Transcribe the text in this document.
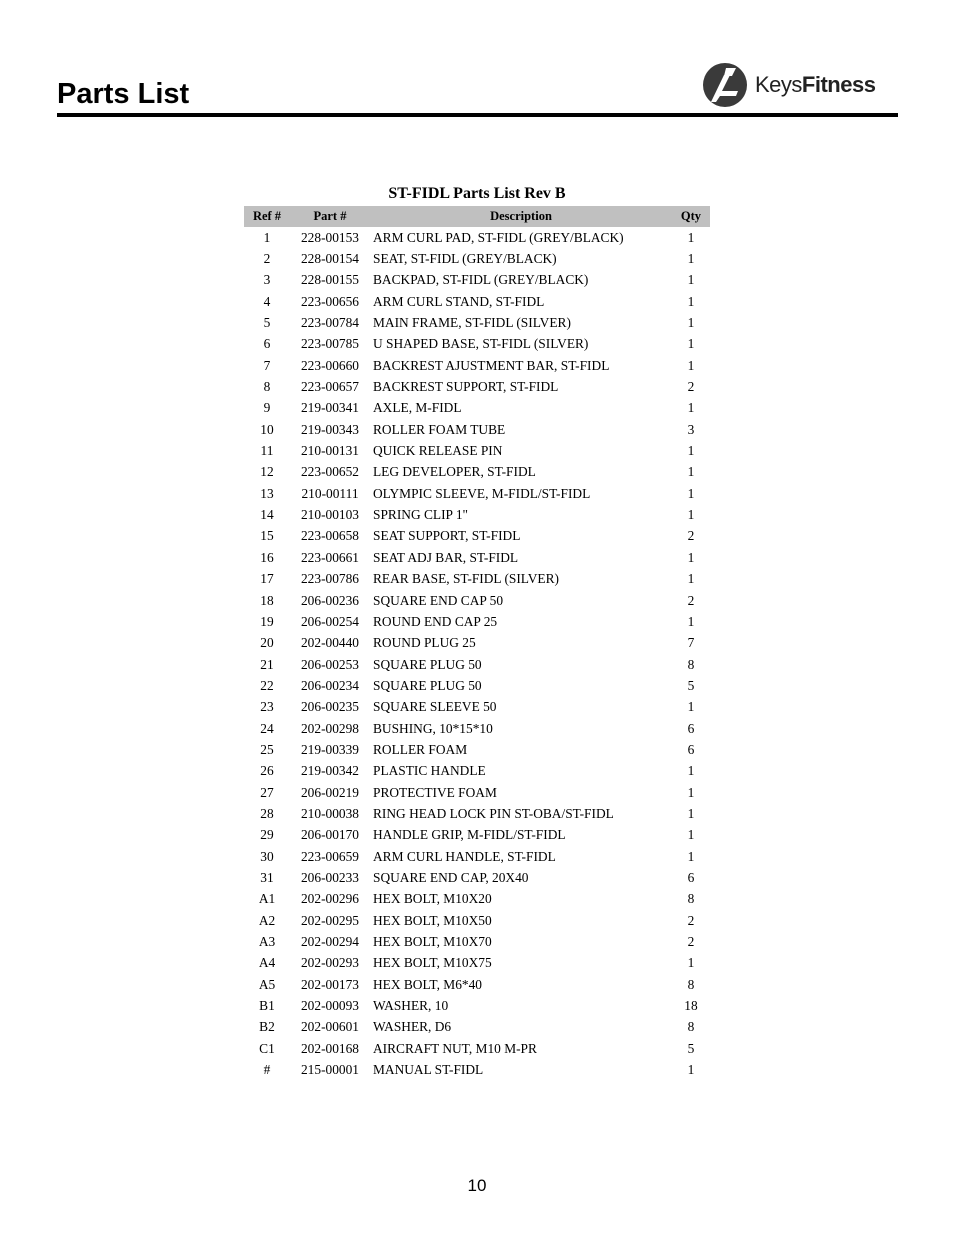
Parts List	KeysFitness
ST-FIDL Parts List Rev B
Ref #	Part #	Description	Qty
1	228-00153	ARM CURL PAD, ST-FIDL (GREY/BLACK)	1
2	228-00154	SEAT, ST-FIDL (GREY/BLACK)	1
3	228-00155	BACKPAD, ST-FIDL (GREY/BLACK)	1
4	223-00656	ARM CURL STAND, ST-FIDL	1
5	223-00784	MAIN FRAME, ST-FIDL (SILVER)	1
6	223-00785	U SHAPED BASE, ST-FIDL (SILVER)	1
7	223-00660	BACKREST AJUSTMENT BAR, ST-FIDL	1
8	223-00657	BACKREST SUPPORT, ST-FIDL	2
9	219-00341	AXLE, M-FIDL	1
10	219-00343	ROLLER FOAM TUBE	3
11	210-00131	QUICK RELEASE PIN	1
12	223-00652	LEG DEVELOPER, ST-FIDL	1
13	210-00111	OLYMPIC SLEEVE, M-FIDL/ST-FIDL	1
14	210-00103	SPRING CLIP 1"	1
15	223-00658	SEAT SUPPORT, ST-FIDL	2
16	223-00661	SEAT ADJ BAR, ST-FIDL	1
17	223-00786	REAR BASE, ST-FIDL (SILVER)	1
18	206-00236	SQUARE END CAP 50	2
19	206-00254	ROUND END CAP 25	1
20	202-00440	ROUND PLUG 25	7
21	206-00253	SQUARE PLUG 50	8
22	206-00234	SQUARE PLUG 50	5
23	206-00235	SQUARE SLEEVE 50	1
24	202-00298	BUSHING, 10*15*10	6
25	219-00339	ROLLER FOAM	6
26	219-00342	PLASTIC HANDLE	1
27	206-00219	PROTECTIVE FOAM	1
28	210-00038	RING HEAD LOCK PIN ST-OBA/ST-FIDL	1
29	206-00170	HANDLE GRIP, M-FIDL/ST-FIDL	1
30	223-00659	ARM CURL HANDLE, ST-FIDL	1
31	206-00233	SQUARE END CAP, 20X40	6
A1	202-00296	HEX BOLT, M10X20	8
A2	202-00295	HEX BOLT, M10X50	2
A3	202-00294	HEX BOLT, M10X70	2
A4	202-00293	HEX BOLT, M10X75	1
A5	202-00173	HEX BOLT, M6*40	8
B1	202-00093	WASHER, 10	18
B2	202-00601	WASHER, D6	8
C1	202-00168	AIRCRAFT NUT, M10 M-PR	5
#	215-00001	MANUAL ST-FIDL	1
10
